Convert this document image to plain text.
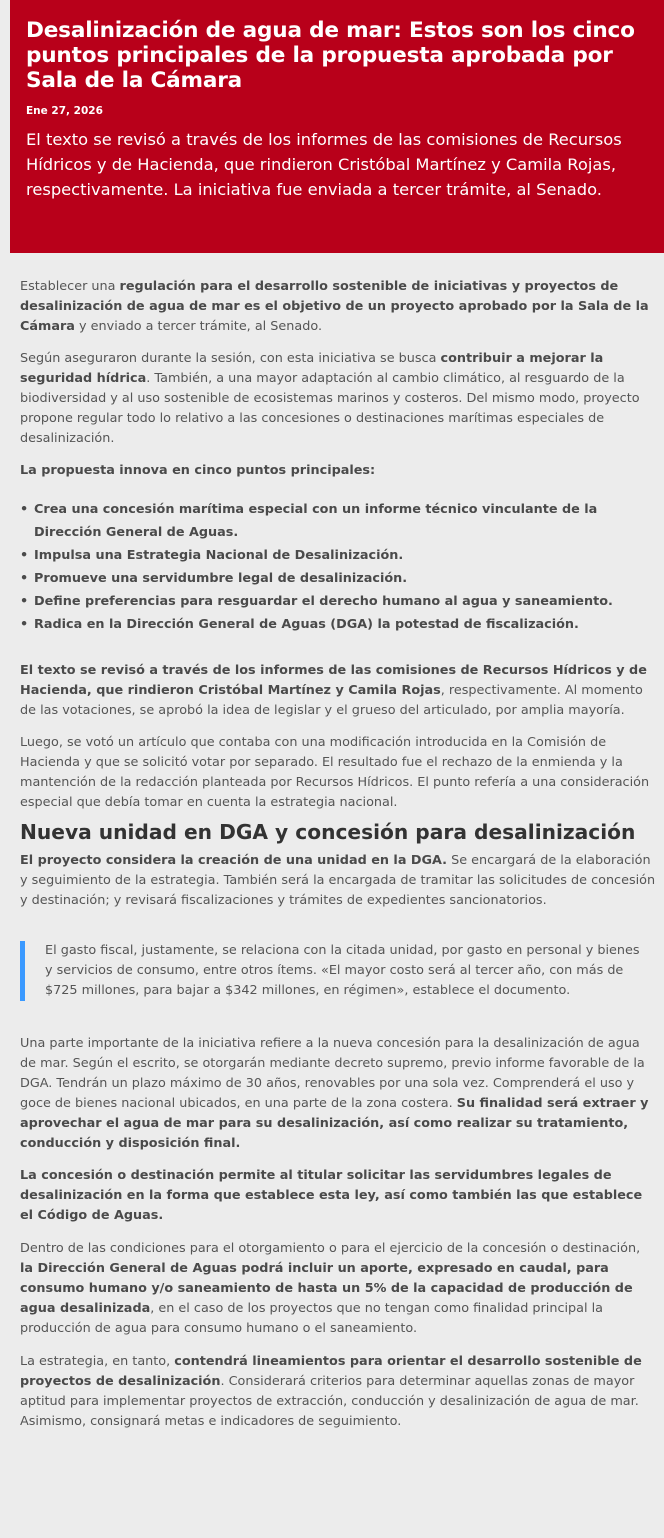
Desalinización de agua de mar: Estos son los cinco puntos principales de la propuesta aprobada por Sala de la Cámara
Ene 27, 2026
El texto se revisó a través de los informes de las comisiones de Recursos Hídricos y de Hacienda, que rindieron Cristóbal Martínez y Camila Rojas, respectivamente. La iniciativa fue enviada a tercer trámite, al Senado.

Establecer una regulación para el desarrollo sostenible de iniciativas y proyectos de desalinización de agua de mar es el objetivo de un proyecto aprobado por la Sala de la Cámara y enviado a tercer trámite, al Senado.

Según aseguraron durante la sesión, con esta iniciativa se busca contribuir a mejorar la seguridad hídrica. También, a una mayor adaptación al cambio climático, al resguardo de la biodiversidad y al uso sostenible de ecosistemas marinos y costeros. Del mismo modo, proyecto propone regular todo lo relativo a las concesiones o destinaciones marítimas especiales de desalinización.

La propuesta innova en cinco puntos principales:

• Crea una concesión marítima especial con un informe técnico vinculante de la Dirección General de Aguas.
• Impulsa una Estrategia Nacional de Desalinización.
• Promueve una servidumbre legal de desalinización.
• Define preferencias para resguardar el derecho humano al agua y saneamiento.
• Radica en la Dirección General de Aguas (DGA) la potestad de fiscalización.

El texto se revisó a través de los informes de las comisiones de Recursos Hídricos y de Hacienda, que rindieron Cristóbal Martínez y Camila Rojas, respectivamente. Al momento de las votaciones, se aprobó la idea de legislar y el grueso del articulado, por amplia mayoría.

Luego, se votó un artículo que contaba con una modificación introducida en la Comisión de Hacienda y que se solicitó votar por separado. El resultado fue el rechazo de la enmienda y la mantención de la redacción planteada por Recursos Hídricos. El punto refería a una consideración especial que debía tomar en cuenta la estrategia nacional.

Nueva unidad en DGA y concesión para desalinización

El proyecto considera la creación de una unidad en la DGA. Se encargará de la elaboración y seguimiento de la estrategia. También será la encargada de tramitar las solicitudes de concesión y destinación; y revisará fiscalizaciones y trámites de expedientes sancionatorios.

El gasto fiscal, justamente, se relaciona con la citada unidad, por gasto en personal y bienes y servicios de consumo, entre otros ítems. «El mayor costo será al tercer año, con más de $725 millones, para bajar a $342 millones, en régimen», establece el documento.

Una parte importante de la iniciativa refiere a la nueva concesión para la desalinización de agua de mar. Según el escrito, se otorgarán mediante decreto supremo, previo informe favorable de la DGA. Tendrán un plazo máximo de 30 años, renovables por una sola vez. Comprenderá el uso y goce de bienes nacional ubicados, en una parte de la zona costera. Su finalidad será extraer y aprovechar el agua de mar para su desalinización, así como realizar su tratamiento, conducción y disposición final.

La concesión o destinación permite al titular solicitar las servidumbres legales de desalinización en la forma que establece esta ley, así como también las que establece el Código de Aguas.

Dentro de las condiciones para el otorgamiento o para el ejercicio de la concesión o destinación, la Dirección General de Aguas podrá incluir un aporte, expresado en caudal, para consumo humano y/o saneamiento de hasta un 5% de la capacidad de producción de agua desalinizada, en el caso de los proyectos que no tengan como finalidad principal la producción de agua para consumo humano o el saneamiento.

La estrategia, en tanto, contendrá lineamientos para orientar el desarrollo sostenible de proyectos de desalinización. Considerará criterios para determinar aquellas zonas de mayor aptitud para implementar proyectos de extracción, conducción y desalinización de agua de mar. Asimismo, consignará metas e indicadores de seguimiento.
